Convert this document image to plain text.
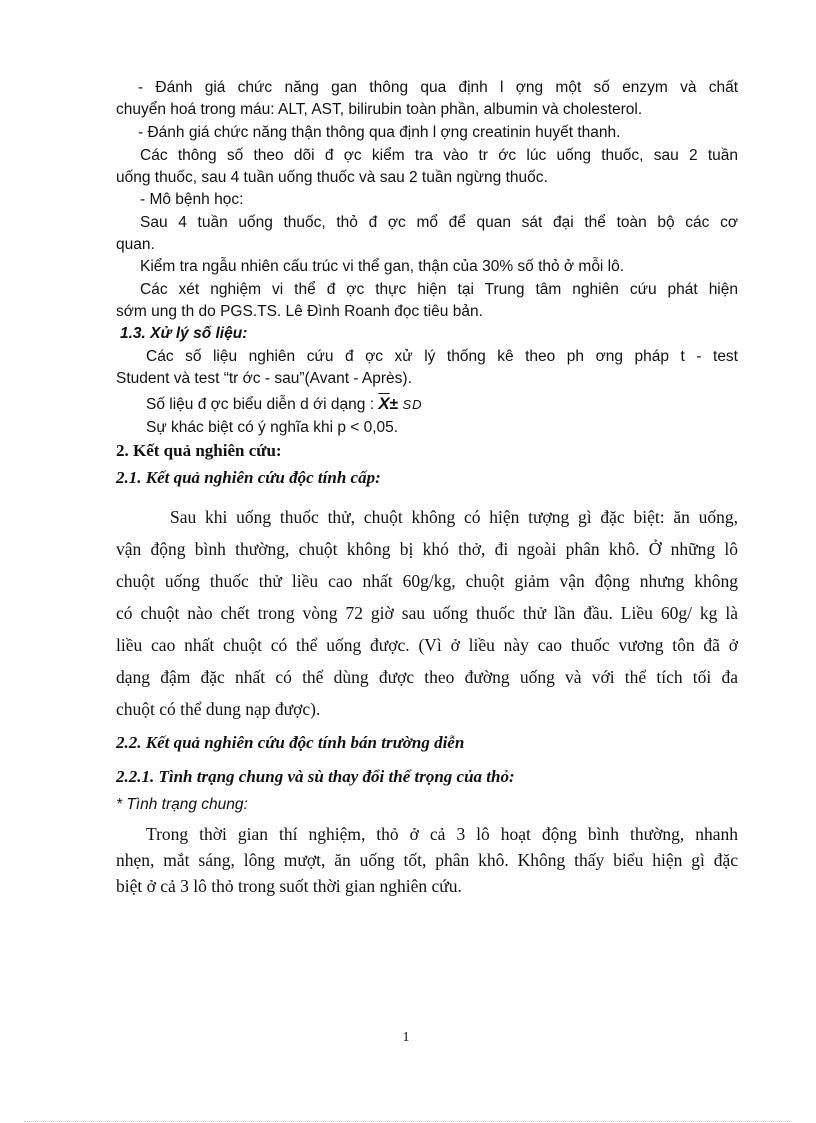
- Đánh giá chức năng gan thông qua định l ợng một số enzym và chất
chuyển hoá trong máu: ALT, AST, bilirubin toàn phần, albumin và cholesterol.
- Đánh giá chức năng thận thông qua định l ợng creatinin huyết thanh.
Các thông số theo dõi đ ợc kiểm tra vào tr ớc lúc uống thuốc, sau 2 tuần
uống thuốc, sau 4 tuần uống thuốc và sau 2 tuần ngừng thuốc.
- Mô bệnh học:
Sau 4 tuần uống thuốc, thỏ đ ợc mổ để quan sát đại thể toàn bộ các cơ
quan.
Kiểm tra ngẫu nhiên cấu trúc vi thể gan, thận của 30% số thỏ ở mỗi lô.
Các xét nghiệm vi thể đ ợc thực hiện tại Trung tâm nghiên cứu phát hiện
sớm ung th do PGS.TS. Lê Đình Roanh đọc tiêu bản.
1.3. Xử lý số liệu:
Các số liệu nghiên cứu đ ợc xử lý thống kê theo ph ơng pháp t - test
Student và test “tr ớc - sau”(Avant - Après).
Số liệu đ ợc biểu diễn d ới dạng : $\overline{X}\pm$ SD
Sự khác biệt có ý nghĩa khi p < 0,05.
2. Kết quả nghiên cứu:
2.1. Kết quả nghiên cứu độc tính cấp:
Sau khi uống thuốc thử, chuột không có hiện tượng gì đặc biệt: ăn uống,
vận động bình thường, chuột không bị khó thở, đi ngoài phân khô. Ở những lô
chuột uống thuốc thử liều cao nhất 60g/kg, chuột giảm vận động nhưng không
có chuột nào chết trong vòng 72 giờ sau uống thuốc thử lần đầu. Liều 60g/ kg là
liều cao nhất chuột có thể uống được. (Vì ở liều này cao thuốc vương tôn đã ở
dạng đậm đặc nhất có thể dùng được theo đường uống và với thể tích tối đa
chuột có thể dung nạp được).
2.2. Kết quả nghiên cứu độc tính bán trường diễn
2.2.1. Tình trạng chung và sù thay đổi thể trọng của thỏ:
* Tình trạng chung:
Trong thời gian thí nghiệm, thỏ ở cả 3 lô hoạt động bình thường, nhanh
nhẹn, mắt sáng, lông mượt, ăn uống tốt, phân khô. Không thấy biểu hiện gì đặc
biệt ở cả 3 lô thỏ trong suốt thời gian nghiên cứu.
1
